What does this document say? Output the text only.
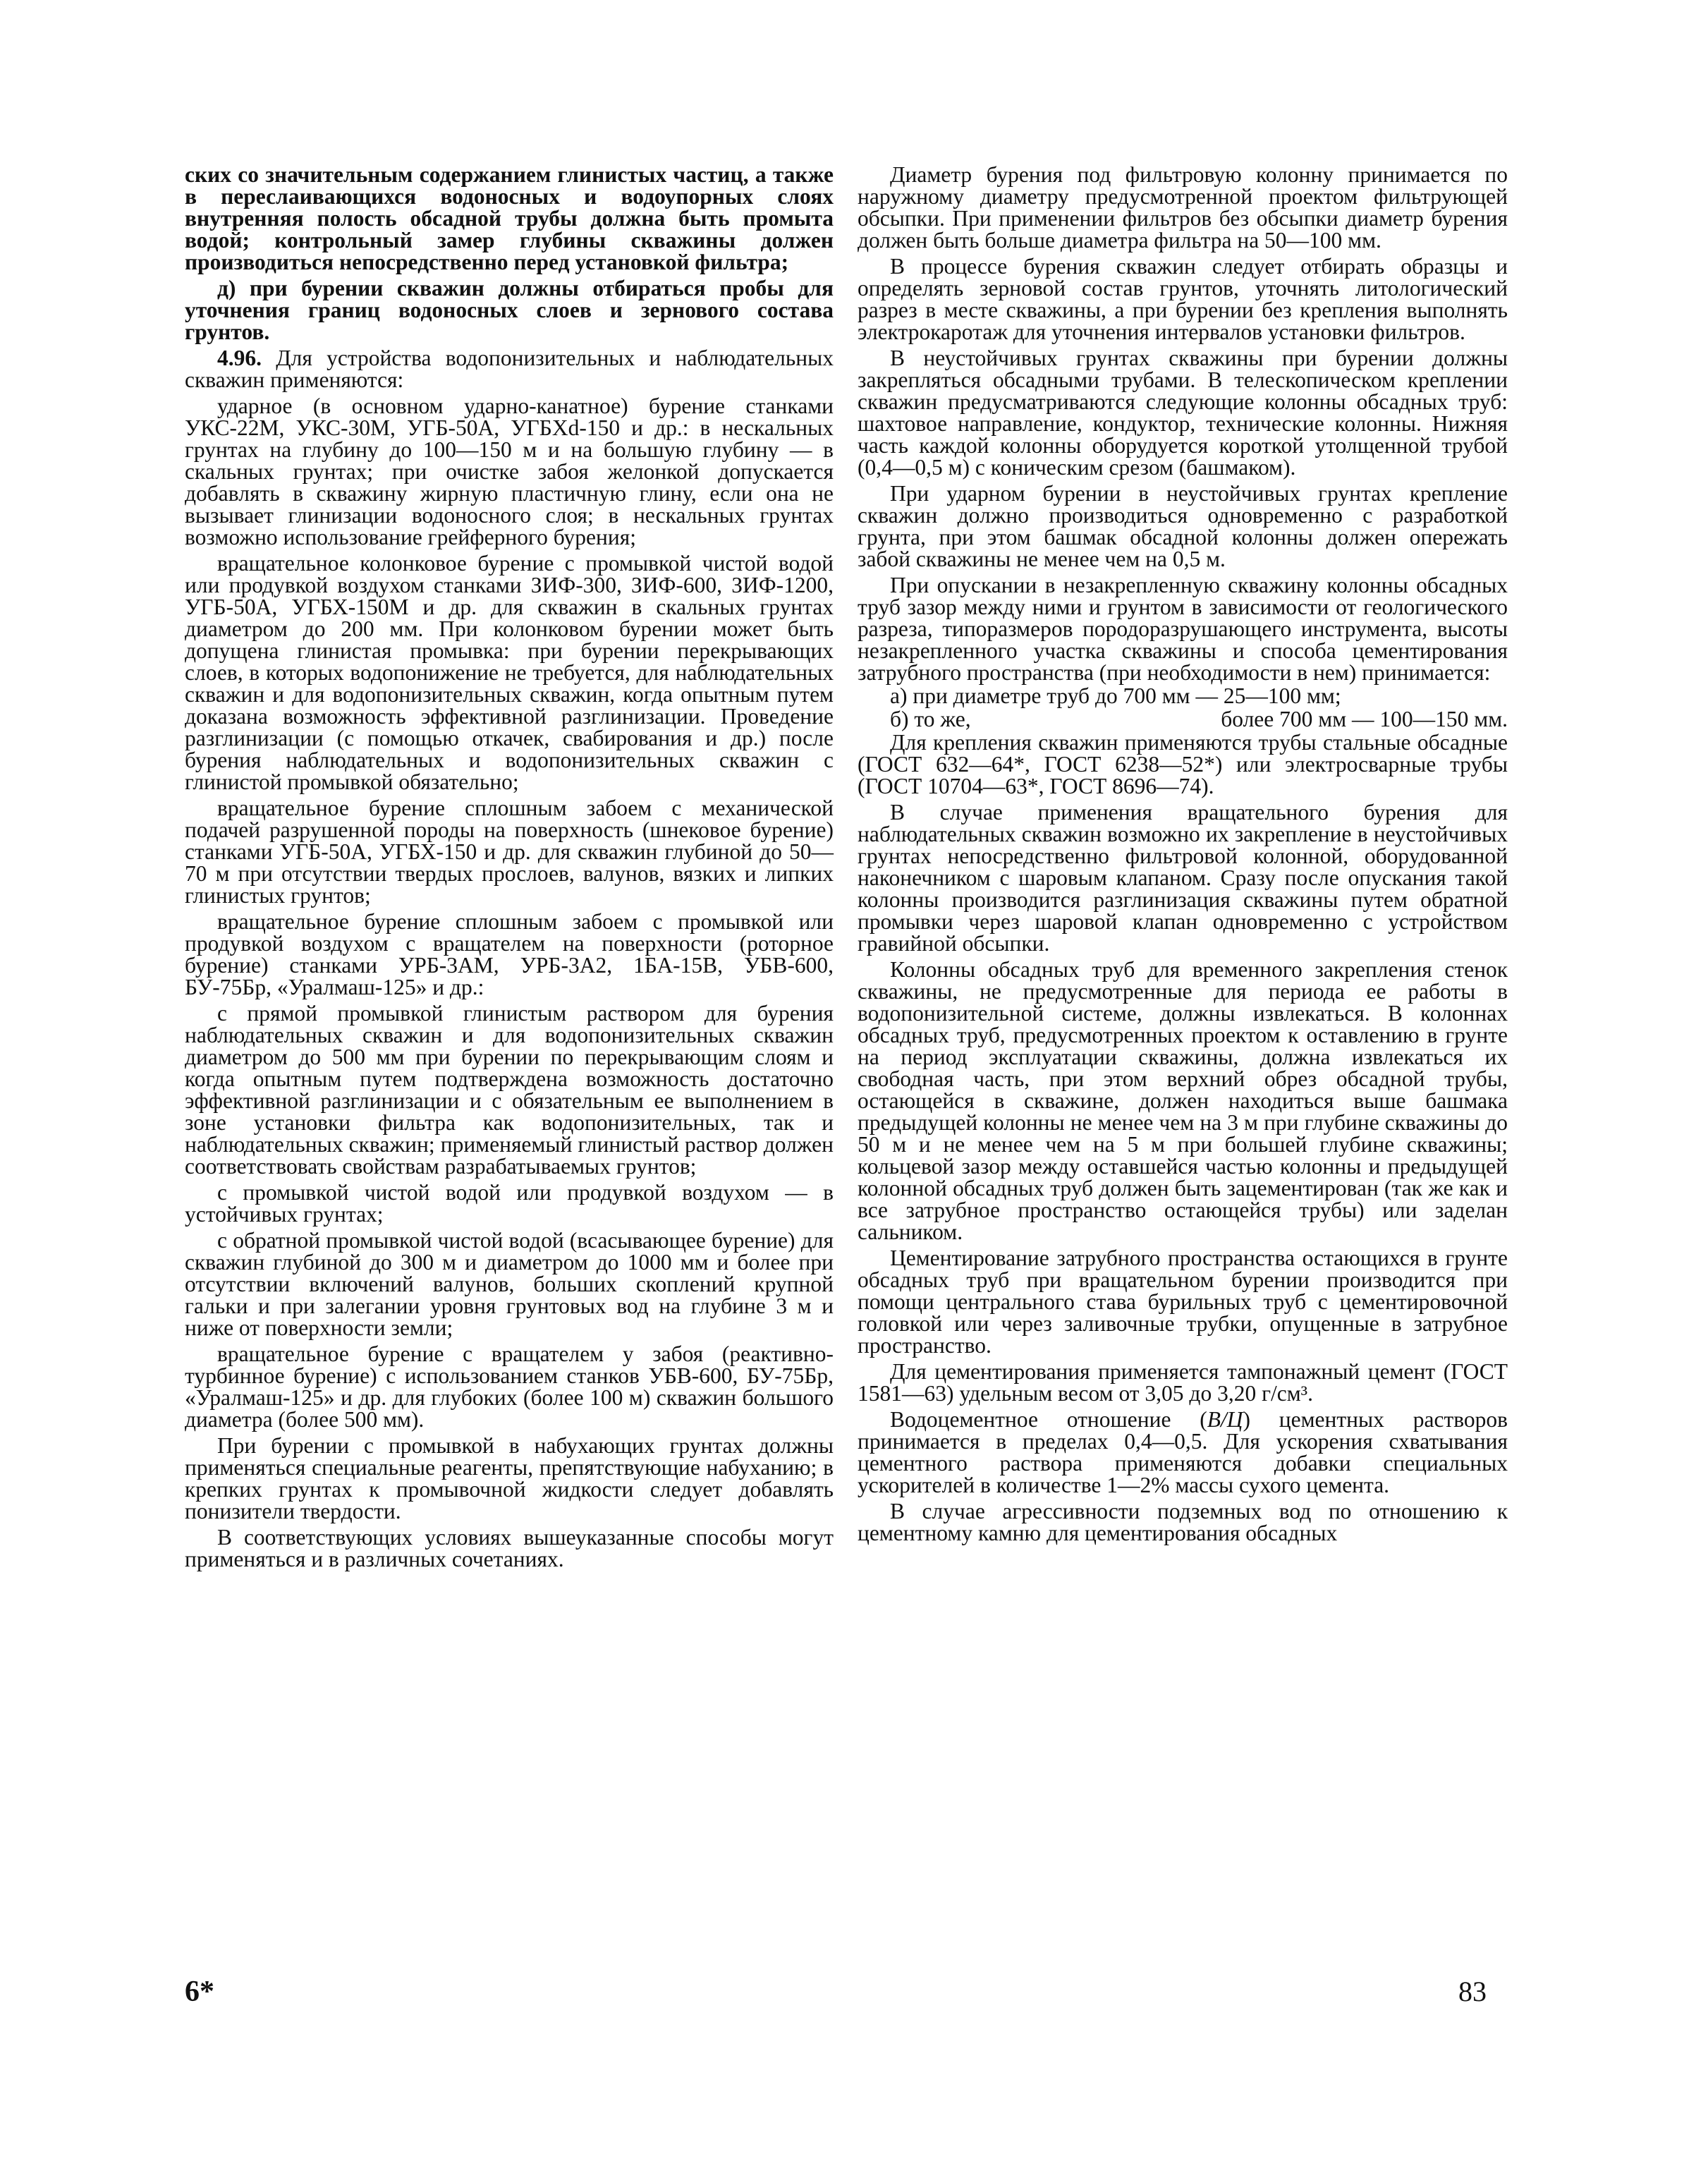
ских со значительным содержанием глинистых частиц, а также в переслаивающихся водоносных и водоупорных слоях внутренняя полость обсадной трубы должна быть промыта водой; контрольный замер глубины скважины должен производиться непосредственно перед установкой фильтра;

д) при бурении скважин должны отбираться пробы для уточнения границ водоносных слоев и зернового состава грунтов.

4.96. Для устройства водопонизительных и наблюдательных скважин применяются:

ударное (в основном ударно-канатное) бурение станками УКС-22М, УКС-30М, УГБ-50А, УГБXd-150 и др.: в нескальных грунтах на глубину до 100—150 м и на большую глубину — в скальных грунтах; при очистке забоя желонкой допускается добавлять в скважину жирную пластичную глину, если она не вызывает глинизации водоносного слоя; в нескальных грунтах возможно использование грейферного бурения;

вращательное колонковое бурение с промывкой чистой водой или продувкой воздухом станками ЗИФ-300, ЗИФ-600, ЗИФ-1200, УГБ-50А, УГБХ-150М и др. для скважин в скальных грунтах диаметром до 200 мм. При колонковом бурении может быть допущена глинистая промывка: при бурении перекрывающих слоев, в которых водопонижение не требуется, для наблюдательных скважин и для водопонизительных скважин, когда опытным путем доказана возможность эффективной разглинизации. Проведение разглинизации (с помощью откачек, свабирования и др.) после бурения наблюдательных и водопонизительных скважин с глинистой промывкой обязательно;

вращательное бурение сплошным забоем с механической подачей разрушенной породы на поверхность (шнековое бурение) станками УГБ-50А, УГБХ-150 и др. для скважин глубиной до 50—70 м при отсутствии твердых прослоев, валунов, вязких и липких глинистых грунтов;

вращательное бурение сплошным забоем с промывкой или продувкой воздухом с вращателем на поверхности (роторное бурение) станками УРБ-3АМ, УРБ-3А2, 1БА-15В, УБВ-600, БУ-75Бр, «Уралмаш-125» и др.:

с прямой промывкой глинистым раствором для бурения наблюдательных скважин и для водопонизительных скважин диаметром до 500 мм при бурении по перекрывающим слоям и когда опытным путем подтверждена возможность достаточно эффективной разглинизации и с обязательным ее выполнением в зоне установки фильтра как водопонизительных, так и наблюдательных скважин; применяемый глинистый раствор должен соответствовать свойствам разрабатываемых грунтов;

с промывкой чистой водой или продувкой воздухом — в устойчивых грунтах;

с обратной промывкой чистой водой (всасывающее бурение) для скважин глубиной до 300 м и диаметром до 1000 мм и более при отсутствии включений валунов, больших скоплений крупной гальки и при залегании уровня грунтовых вод на глубине 3 м и ниже от поверхности земли;

вращательное бурение с вращателем у забоя (реактивно-турбинное бурение) с использованием станков УБВ-600, БУ-75Бр, «Уралмаш-125» и др. для глубоких (более 100 м) скважин большого диаметра (более 500 мм).

При бурении с промывкой в набухающих грунтах должны применяться специальные реагенты, препятствующие набуханию; в крепких грунтах к промывочной жидкости следует добавлять понизители твердости.

В соответствующих условиях вышеуказанные способы могут применяться и в различных сочетаниях.

Диаметр бурения под фильтровую колонну принимается по наружному диаметру предусмотренной проектом фильтрующей обсыпки. При применении фильтров без обсыпки диаметр бурения должен быть больше диаметра фильтра на 50—100 мм.

В процессе бурения скважин следует отбирать образцы и определять зерновой состав грунтов, уточнять литологический разрез в месте скважины, а при бурении без крепления выполнять электрокаротаж для уточнения интервалов установки фильтров.

В неустойчивых грунтах скважины при бурении должны закрепляться обсадными трубами. В телескопическом креплении скважин предусматриваются следующие колонны обсадных труб: шахтовое направление, кондуктор, технические колонны. Нижняя часть каждой колонны оборудуется короткой утолщенной трубой (0,4—0,5 м) с коническим срезом (башмаком).

При ударном бурении в неустойчивых грунтах крепление скважин должно производиться одновременно с разработкой грунта, при этом башмак обсадной колонны должен опережать забой скважины не менее чем на 0,5 м.

При опускании в незакрепленную скважину колонны обсадных труб зазор между ними и грунтом в зависимости от геологического разреза, типоразмеров породоразрушающего инструмента, высоты незакрепленного участка скважины и способа цементирования затрубного пространства (при необходимости в нем) принимается:

а) при диаметре труб до 700 мм — 25—100 мм;

б) то же,	более 700 мм — 100—150 мм.

Для крепления скважин применяются трубы стальные обсадные (ГОСТ 632—64*, ГОСТ 6238—52*) или электросварные трубы (ГОСТ 10704—63*, ГОСТ 8696—74).

В случае применения вращательного бурения для наблюдательных скважин возможно их закрепление в неустойчивых грунтах непосредственно фильтровой колонной, оборудованной наконечником с шаровым клапаном. Сразу после опускания такой колонны производится разглинизация скважины путем обратной промывки через шаровой клапан одновременно с устройством гравийной обсыпки.

Колонны обсадных труб для временного закрепления стенок скважины, не предусмотренные для периода ее работы в водопонизительной системе, должны извлекаться. В колоннах обсадных труб, предусмотренных проектом к оставлению в грунте на период эксплуатации скважины, должна извлекаться их свободная часть, при этом верхний обрез обсадной трубы, остающейся в скважине, должен находиться выше башмака предыдущей колонны не менее чем на 3 м при глубине скважины до 50 м и не менее чем на 5 м при большей глубине скважины; кольцевой зазор между оставшейся частью колонны и предыдущей колонной обсадных труб должен быть зацементирован (так же как и все затрубное пространство остающейся трубы) или заделан сальником.

Цементирование затрубного пространства остающихся в грунте обсадных труб при вращательном бурении производится при помощи центрального става бурильных труб с цементировочной головкой или через заливочные трубки, опущенные в затрубное пространство.

Для цементирования применяется тампонажный цемент (ГОСТ 1581—63) удельным весом от 3,05 до 3,20 г/см³.

Водоцементное отношение (В/Ц) цементных растворов принимается в пределах 0,4—0,5. Для ускорения схватывания цементного раствора применяются добавки специальных ускорителей в количестве 1—2% массы сухого цемента.

В случае агрессивности подземных вод по отношению к цементному камню для цементирования обсадных

6*	83
